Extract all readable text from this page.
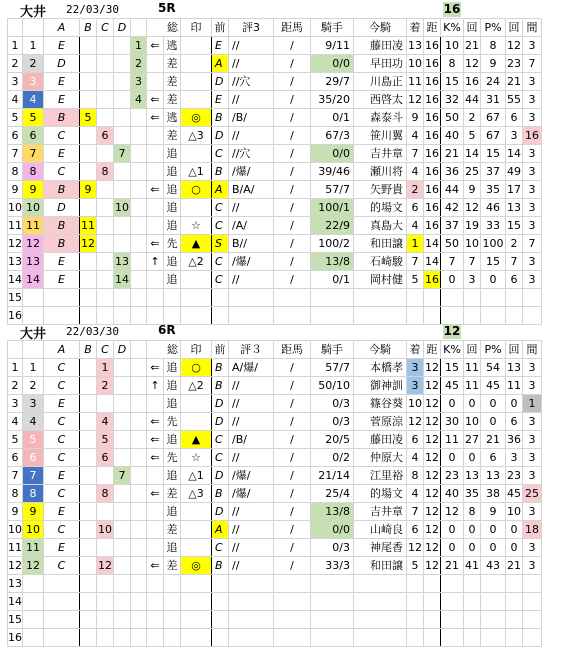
大井 22/03/30	5R	16
		A	B	C	D		総		印	前	評3	距馬	騎手	今騎	着	距	K%	回	P%	回	間
1	1	E				1	⇐	逃		E	//	/	9/11	藤田凌	13	16	10	21	8	12	3
2	2	D				2		差		A	//	/	0/0	早田功	10	16	8	12	9	23	7
3	3	E				3		差		D	//穴	/	29/7	川島正	11	16	15	16	24	21	3
4	4	E				4	⇐	差		E	//	/	35/20	西啓太	12	16	32	44	31	55	3
5	5	B	5				⇐	逃	◎	B	/B/	/	0/1	森泰斗	9	16	50	2	67	6	3
6	6	C		6				差	△3	D	//	/	67/3	笹川翼	4	16	40	5	67	3	16
7	7	E			7			追		C	//穴	/	0/0	吉井章	7	16	21	14	15	14	3
8	8	C		8				追	△1	B	/爆/	/	39/46	瀬川将	4	16	36	25	37	49	3
9	9	B	9				⇐	追	○	A	B/A/	/	57/7	矢野貴	2	16	44	9	35	17	3
10	10	D			10			追		C	//	/	100/1	的場文	6	16	42	12	46	13	3
11	11	B	11					追	☆	C	/A/	/	22/9	真島大	4	16	37	19	33	15	3
12	12	B	12				⇐	先	▲	S	B//	/	100/2	和田譲	1	14	50	10	100	2	7
13	13	E			13		↑	追	△2	C	/爆/	/	13/8	石崎駿	7	14	7	7	15	7	3
14	14	E			14			追		C	//	/	0/1	岡村健	5	16	0	3	0	6	3
15																					
16																					
大井 22/03/30	6R	12
		A	B	C	D		総		印	前	評３	距馬	騎手	今騎	着	距	K%	回	P%	回	間
1	1	C		1			⇐	追	○	B	A/爆/	/	57/7	本橋孝	3	12	15	11	54	13	3
2	2	C		2			↑	追	△2	B	//	/	50/10	御神訓	3	12	45	11	45	11	3
3	3	E						追		D	//	/	0/3	篠谷葵	10	12	0	0	0	0	1
4	4	C		4			⇐	先		D	//	/	0/3	菅原涼	12	12	30	10	0	6	3
5	5	C		5			⇐	追	▲	C	/B/	/	20/5	藤田凌	6	12	11	27	21	36	3
6	6	C		6			⇐	先	☆	C	//	/	0/2	仲原大	4	12	0	0	6	3	3
7	7	E			7			追	△1	D	/爆/	/	21/14	江里裕	8	12	23	13	13	23	3
8	8	C		8			⇐	差	△3	B	/爆/	/	25/4	的場文	4	12	40	35	38	45	25
9	9	E						追		D	//	/	13/8	吉井章	7	12	12	8	9	10	3
10	10	C		10				差		A	//	/	0/0	山崎良	6	12	0	0	0	0	18
11	11	E						追		C	//	/	0/3	神尾香	12	12	0	0	0	0	3
12	12	C		12			⇐	差	◎	B	//	/	33/3	和田譲	5	12	21	41	43	21	3
13																					
14																					
15																					
16																					
